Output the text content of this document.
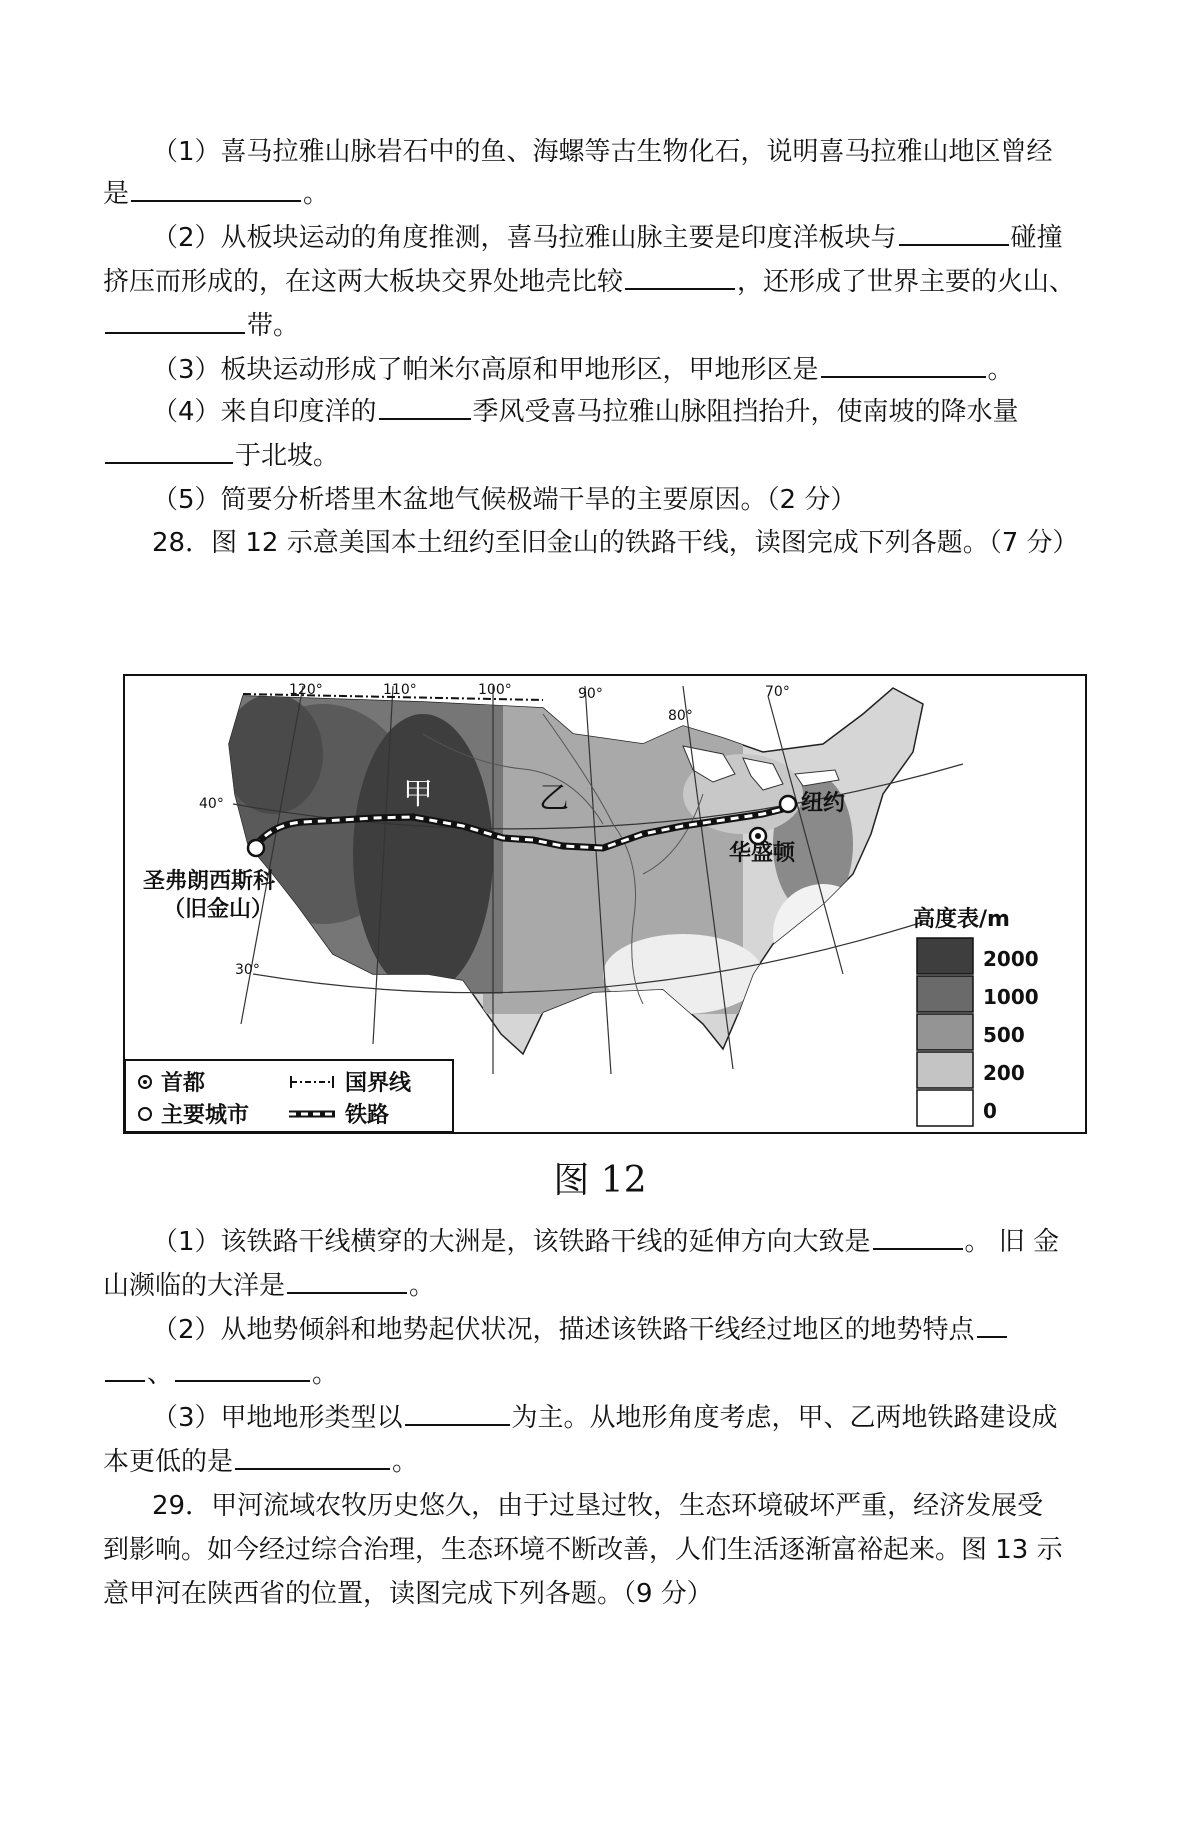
（1）喜马拉雅山脉岩石中的鱼、海螺等古生物化石，说明喜马拉雅山地区曾经
是	。
（2）从板块运动的角度推测，喜马拉雅山脉主要是印度洋板块与	碰撞
挤压而形成的，在这两大板块交界处地壳比较	，还形成了世界主要的火山、
带。
（3）板块运动形成了帕米尔高原和甲地形区，甲地形区是	。
（4）来自印度洋的	季风受喜马拉雅山脉阻挡抬升，使南坡的降水量
于北坡。
（5）简要分析塔里木盆地气候极端干旱的主要原因。（2 分）
28．图 12 示意美国本土纽约至旧金山的铁路干线，读图完成下列各题。（7 分）
120°	110°	100°	90°
80°
70°
40°
30°
甲	乙	纽约
华盛顿
圣弗朗西斯科
（旧金山）
首都
主要城市
国界线
铁路
高度表/m
2000
1000
500
200
0
图 12
（1）该铁路干线横穿的大洲是，该铁路干线的延伸方向大致是	。 旧 金
山濒临的大洋是	。
（2）从地势倾斜和地势起伏状况，描述该铁路干线经过地区的地势特点
、	。
（3）甲地地形类型以	为主。从地形角度考虑，甲、乙两地铁路建设成
本更低的是	。
29．甲河流域农牧历史悠久，由于过垦过牧，生态环境破坏严重，经济发展受
到影响。如今经过综合治理，生态环境不断改善，人们生活逐渐富裕起来。图 13 示
意甲河在陕西省的位置，读图完成下列各题。（9 分）
